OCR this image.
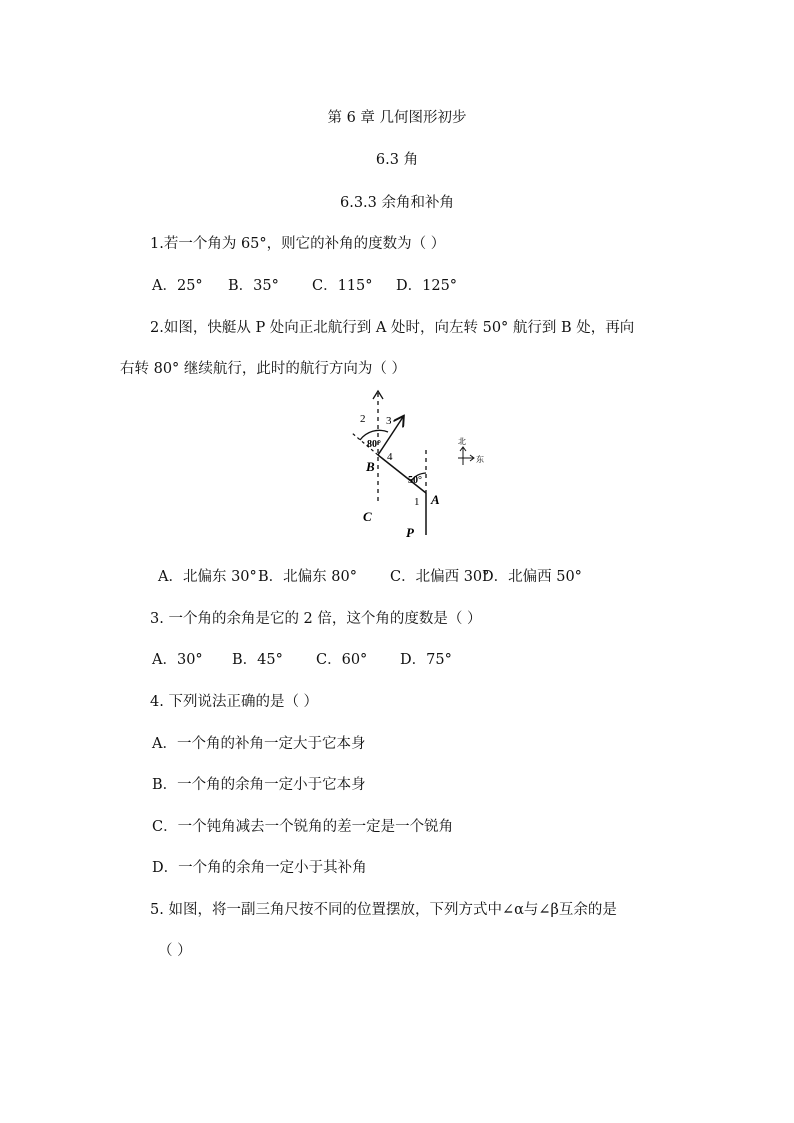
第 6 章 几何图形初步
6.3 角
6.3.3 余角和补角
1.若一个角为 65°，则它的补角的度数为（ ）
A．25° B．35° C．115° D．125°
2.如图，快艇从 P 处向正北航行到 A 处时，向左转 50° 航行到 B 处，再向
右转 80° 继续航行，此时的航行方向为（ ）
B
A
C
P
1
2 3
4
80°
50°
北
东
A．北偏东 30°B．北偏东 80° C．北偏西 30°D．北偏西 50°
3. 一个角的余角是它的 2 倍，这个角的度数是（ ）
A．30° B．45° C．60° D．75°
4. 下列说法正确的是（ ）
A．一个角的补角一定大于它本身
B．一个角的余角一定小于它本身
C．一个钝角减去一个锐角的差一定是一个锐角
D．一个角的余角一定小于其补角
5. 如图，将一副三角尺按不同的位置摆放，下列方式中∠α与∠β互余的是
（ ）
